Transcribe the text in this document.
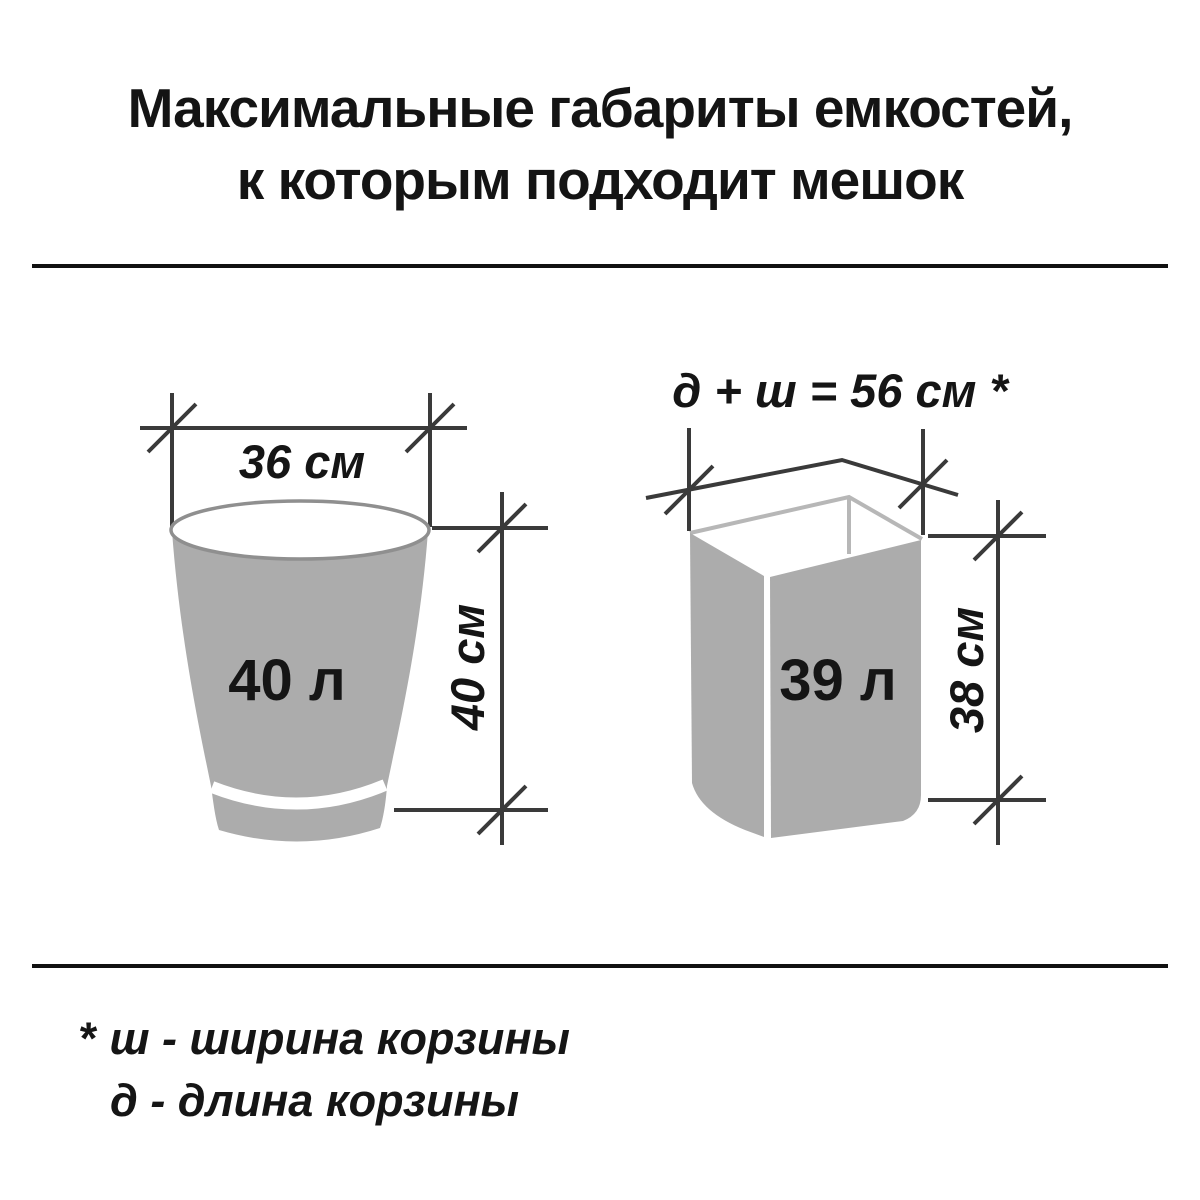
Максимальные габариты емкостей,
к которым подходит мешок
36 см
40 л 40 см
д + ш = 56 см *
39 л 38 см
* ш - ширина корзины
д - длина корзины
